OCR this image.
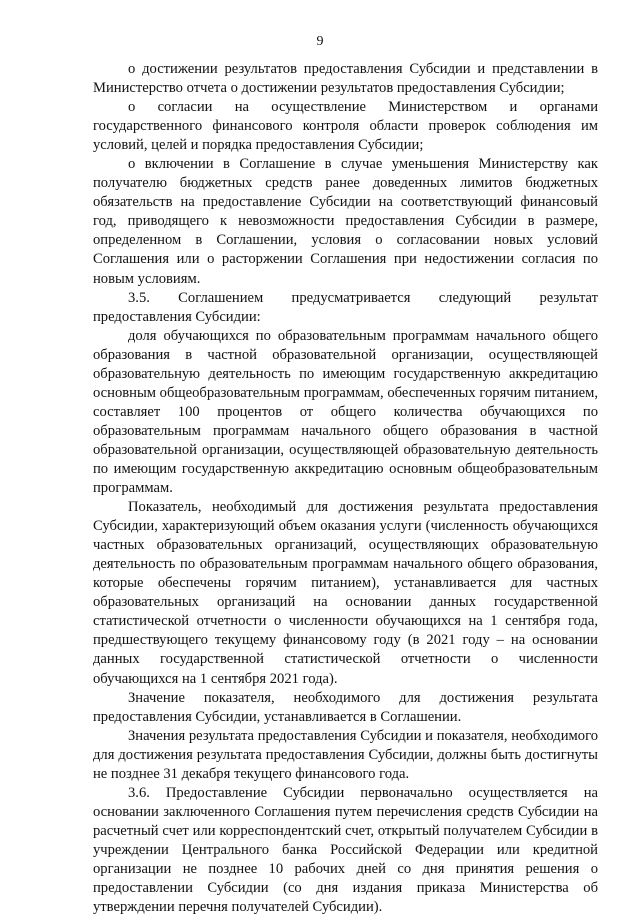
9

о достижении результатов предоставления Субсидии и представлении в Министерство отчета о достижении результатов предоставления Субсидии;

о согласии на осуществление Министерством и органами государственного финансового контроля области проверок соблюдения им условий, целей и порядка предоставления Субсидии;

о включении в Соглашение в случае уменьшения Министерству как получателю бюджетных средств ранее доведенных лимитов бюджетных обязательств на предоставление Субсидии на соответствующий финансовый год, приводящего к невозможности предоставления Субсидии в размере, определенном в Соглашении, условия о согласовании новых условий Соглашения или о расторжении Соглашения при недостижении согласия по новым условиям.

3.5. Соглашением предусматривается следующий результат предоставления Субсидии:

доля обучающихся по образовательным программам начального общего образования в частной образовательной организации, осуществляющей образовательную деятельность по имеющим государственную аккредитацию основным общеобразовательным программам, обеспеченных горячим питанием, составляет 100 процентов от общего количества обучающихся по образовательным программам начального общего образования в частной образовательной организации, осуществляющей образовательную деятельность по имеющим государственную аккредитацию основным общеобразовательным программам.

Показатель, необходимый для достижения результата предоставления Субсидии, характеризующий объем оказания услуги (численность обучающихся частных образовательных организаций, осуществляющих образовательную деятельность по образовательным программам начального общего образования, которые обеспечены горячим питанием), устанавливается для частных образовательных организаций на основании данных государственной статистической отчетности о численности обучающихся на 1 сентября года, предшествующего текущему финансовому году (в 2021 году – на основании данных государственной статистической отчетности о численности обучающихся на 1 сентября 2021 года).

Значение показателя, необходимого для достижения результата предоставления Субсидии, устанавливается в Соглашении.

Значения результата предоставления Субсидии и показателя, необходимого для достижения результата предоставления Субсидии, должны быть достигнуты не позднее 31 декабря текущего финансового года.

3.6. Предоставление Субсидии первоначально осуществляется на основании заключенного Соглашения путем перечисления средств Субсидии на расчетный счет или корреспондентский счет, открытый получателем Субсидии в учреждении Центрального банка Российской Федерации или кредитной организации не позднее 10 рабочих дней со дня принятия решения о предоставлении Субсидии (со дня издания приказа Министерства об утверждении перечня получателей Субсидии).
